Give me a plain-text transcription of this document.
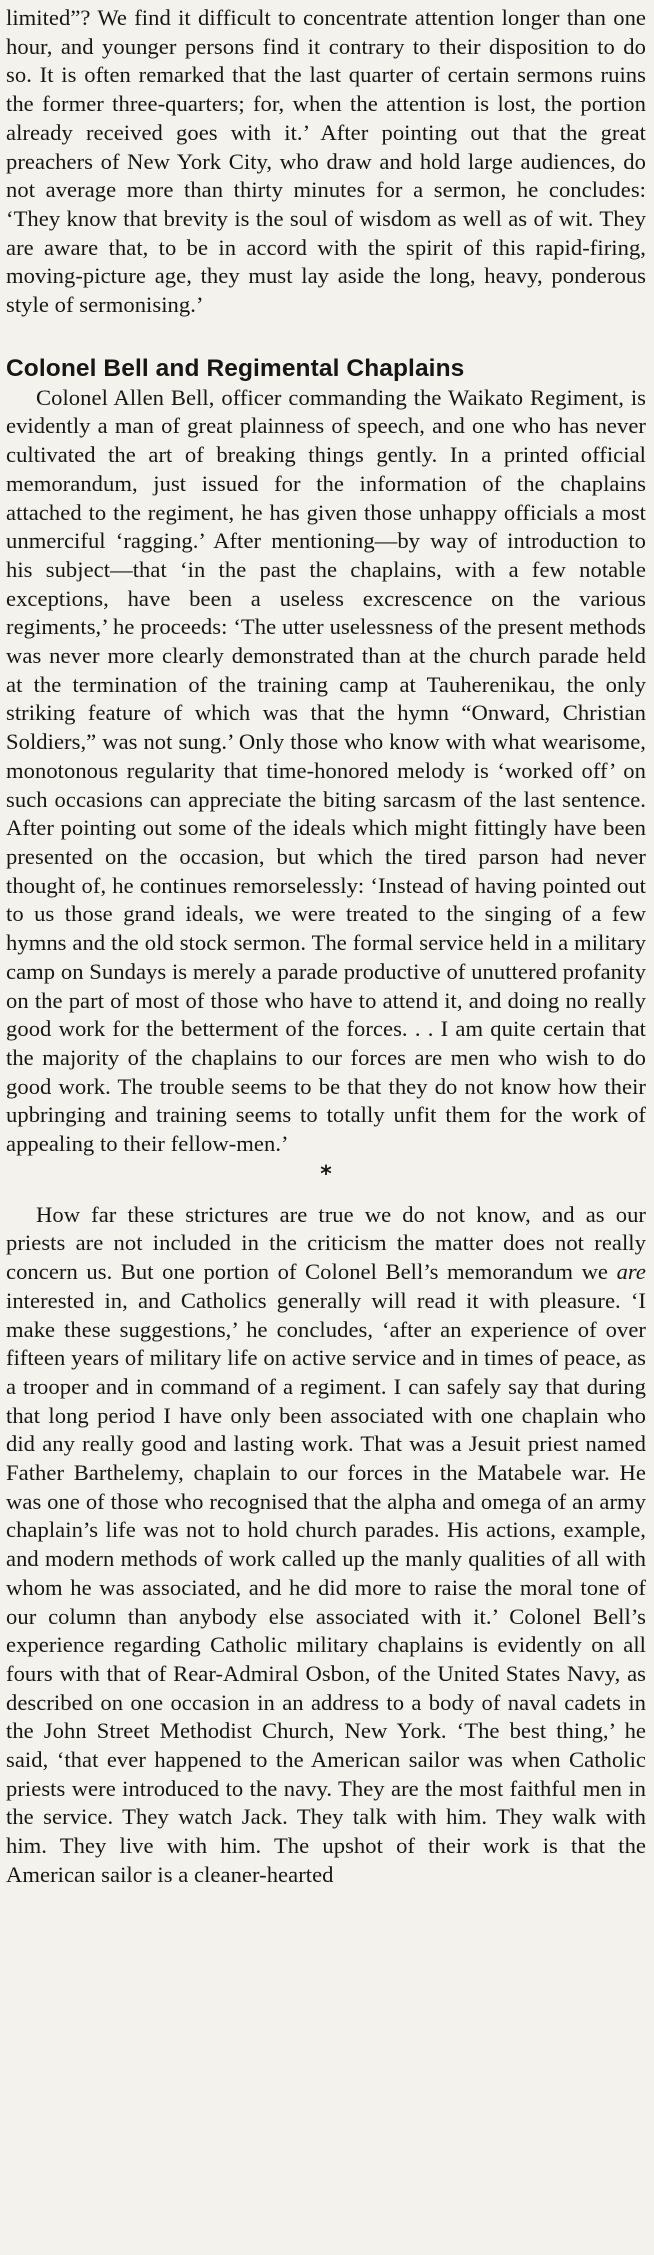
limited”? We find it difficult to concentrate attention longer than one hour, and younger persons find it contrary to their disposition to do so. It is often remarked that the last quarter of certain sermons ruins the former three-quarters; for, when the attention is lost, the portion already received goes with it.’ After pointing out that the great preachers of New York City, who draw and hold large audiences, do not average more than thirty minutes for a sermon, he concludes: ‘They know that brevity is the soul of wisdom as well as of wit. They are aware that, to be in accord with the spirit of this rapid-firing, moving-picture age, they must lay aside the long, heavy, ponderous style of sermonising.’

Colonel Bell and Regimental Chaplains

Colonel Allen Bell, officer commanding the Waikato Regiment, is evidently a man of great plainness of speech, and one who has never cultivated the art of breaking things gently. In a printed official memorandum, just issued for the information of the chaplains attached to the regiment, he has given those unhappy officials a most unmerciful ‘ragging.’ After mentioning—by way of introduction to his subject—that ‘in the past the chaplains, with a few notable exceptions, have been a useless excrescence on the various regiments,’ he proceeds: ‘The utter uselessness of the present methods was never more clearly demonstrated than at the church parade held at the termination of the training camp at Tauherenikau, the only striking feature of which was that the hymn “Onward, Christian Soldiers,” was not sung.’ Only those who know with what wearisome, monotonous regularity that time-honored melody is ‘worked off’ on such occasions can appreciate the biting sarcasm of the last sentence. After pointing out some of the ideals which might fittingly have been presented on the occasion, but which the tired parson had never thought of, he continues remorselessly: ‘Instead of having pointed out to us those grand ideals, we were treated to the singing of a few hymns and the old stock sermon. The formal service held in a military camp on Sundays is merely a parade productive of unuttered profanity on the part of most of those who have to attend it, and doing no really good work for the betterment of the forces. . . I am quite certain that the majority of the chaplains to our forces are men who wish to do good work. The trouble seems to be that they do not know how their upbringing and training seems to totally unfit them for the work of appealing to their fellow-men.’

*

How far these strictures are true we do not know, and as our priests are not included in the criticism the matter does not really concern us. But one portion of Colonel Bell’s memorandum we are interested in, and Catholics generally will read it with pleasure. ‘I make these suggestions,’ he concludes, ‘after an experience of over fifteen years of military life on active service and in times of peace, as a trooper and in command of a regiment. I can safely say that during that long period I have only been associated with one chaplain who did any really good and lasting work. That was a Jesuit priest named Father Barthelemy, chaplain to our forces in the Matabele war. He was one of those who recognised that the alpha and omega of an army chaplain’s life was not to hold church parades. His actions, example, and modern methods of work called up the manly qualities of all with whom he was associated, and he did more to raise the moral tone of our column than anybody else associated with it.’ Colonel Bell’s experience regarding Catholic military chaplains is evidently on all fours with that of Rear-Admiral Osbon, of the United States Navy, as described on one occasion in an address to a body of naval cadets in the John Street Methodist Church, New York. ‘The best thing,’ he said, ‘that ever happened to the American sailor was when Catholic priests were introduced to the navy. They are the most faithful men in the service. They watch Jack. They talk with him. They walk with him. They live with him. The upshot of their work is that the American sailor is a cleaner-hearted
